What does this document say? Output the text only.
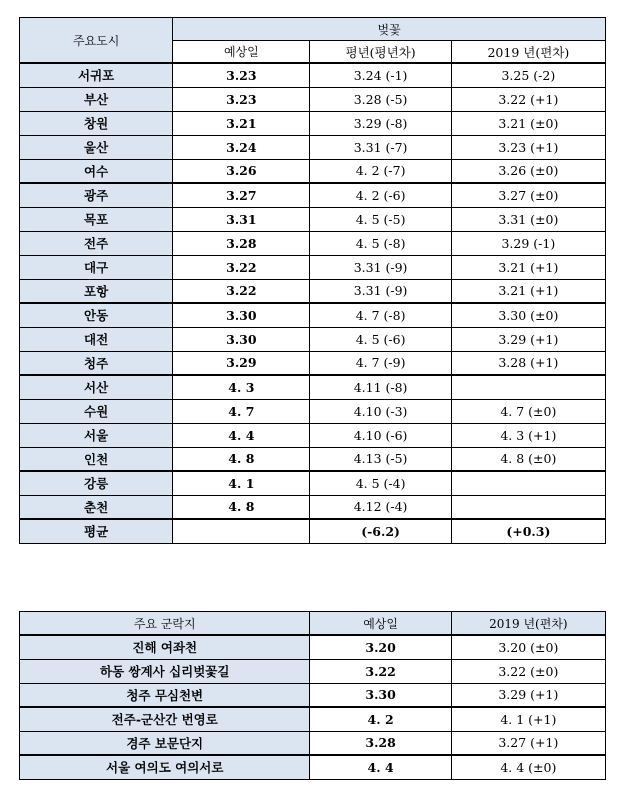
주요도시	벚꽃		
	예상일	평년(평년차)	2019 년(편차)
서귀포	3.23	3.24 (-1)	3.25 (-2)
부산	3.23	3.28 (-5)	3.22 (+1)
창원	3.21	3.29 (-8)	3.21 (±0)
울산	3.24	3.31 (-7)	3.23 (+1)
여수	3.26	4. 2 (-7)	3.26 (±0)
광주	3.27	4. 2 (-6)	3.27 (±0)
목포	3.31	4. 5 (-5)	3.31 (±0)
전주	3.28	4. 5 (-8)	3.29 (-1)
대구	3.22	3.31 (-9)	3.21 (+1)
포항	3.22	3.31 (-9)	3.21 (+1)
안동	3.30	4. 7 (-8)	3.30 (±0)
대전	3.30	4. 5 (-6)	3.29 (+1)
청주	3.29	4. 7 (-9)	3.28 (+1)
서산	4. 3	4.11 (-8)	
수원	4. 7	4.10 (-3)	4. 7 (±0)
서울	4. 4	4.10 (-6)	4. 3 (+1)
인천	4. 8	4.13 (-5)	4. 8 (±0)
강릉	4. 1	4. 5 (-4)	
춘천	4. 8	4.12 (-4)	
평균		(-6.2)	(+0.3)
주요 군락지	예상일	2019 년(편차)
진해 여좌천	3.20	3.20 (±0)
하동 쌍계사 십리벚꽃길	3.22	3.22 (±0)
청주 무심천변	3.30	3.29 (+1)
전주-군산간 번영로	4. 2	4. 1 (+1)
경주 보문단지	3.28	3.27 (+1)
서울 여의도 여의서로	4. 4	4. 4 (±0)
